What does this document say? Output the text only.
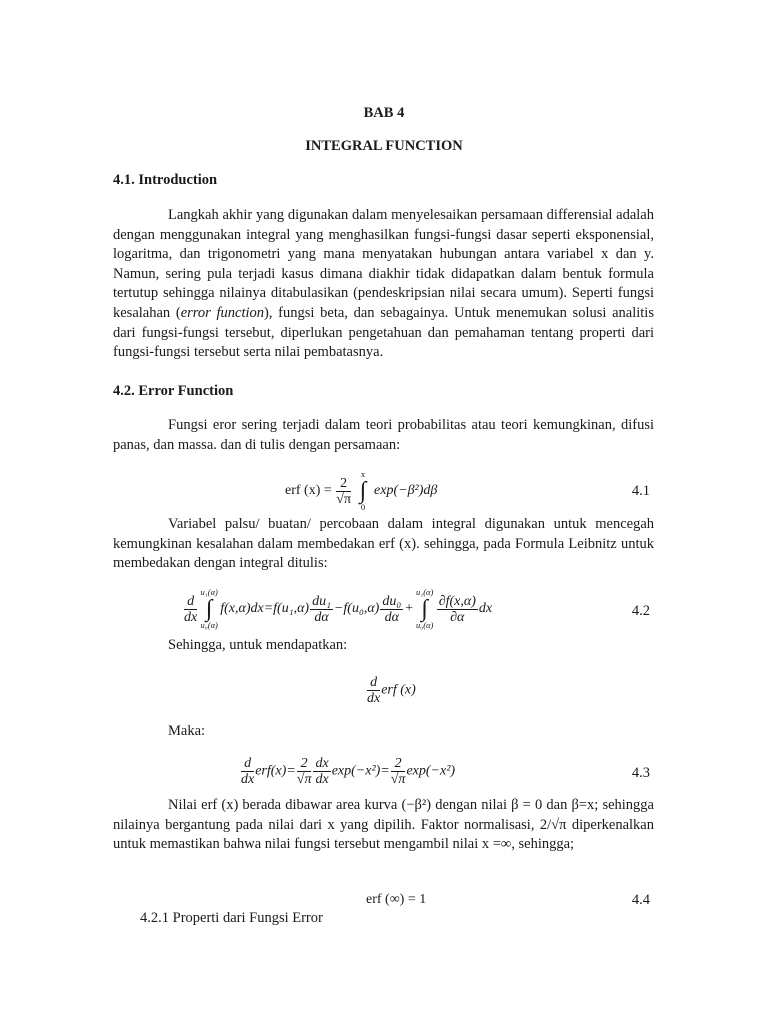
BAB 4
INTEGRAL FUNCTION
4.1. Introduction
Langkah akhir yang digunakan dalam menyelesaikan persamaan differensial adalah dengan menggunakan integral yang menghasilkan fungsi-fungsi dasar seperti eksponensial, logaritma, dan trigonometri yang mana menyatakan hubungan antara variabel x dan y. Namun, sering pula terjadi kasus dimana diakhir tidak didapatkan dalam bentuk formula tertutup sehingga nilainya ditabulasikan (pendeskripsian nilai secara umum). Seperti fungsi kesalahan (error function), fungsi beta, dan sebagainya. Untuk menemukan solusi analitis dari fungsi-fungsi tersebut, diperlukan pengetahuan dan pemahaman tentang properti dari fungsi-fungsi tersebut serta nilai pembatasnya.
4.2. Error Function
Fungsi eror sering terjadi dalam teori probabilitas atau teori kemungkinan, difusi panas, dan massa. dan di tulis dengan persamaan:
erf $(x) = \frac{2}{√\pi}$
x
∫
0
exp(−β²)dβ	4.1
Variabel palsu/ buatan/ percobaan dalam integral digunakan untuk mencegah kemungkinan kesalahan dalam membedakan erf (x). sehingga, pada Formula Leibnitz untuk membedakan dengan integral ditulis:
$\frac{d}{dx}$
u₁(α)
∫
u₀(α)
$f(x,\alpha)dx=f(u_1,\alpha) \frac{\text{du₁}}{d\alpha} -f(u_0,\alpha) \frac{\text{du₀}}{d\alpha}$ +
u₁(α)
∫
u₀(α)
$\frac{\partial f(x,\alpha)}{\partial\alpha}$ dx	4.2
Sehingga, untuk mendapatkan:
$\frac{d}{dx}$ erf (x)
Maka:
$\frac{d}{dx} erf(x)= \frac{2}{√\pi} \frac{dx}{dx} \exp(-x^2)= \frac{2}{√\pi} \exp(-x^2)$	4.3
Nilai erf (x) berada dibawar area kurva (−β²) dengan nilai β = 0 dan β=x; sehingga nilainya bergantung pada nilai dari x yang dipilih. Faktor normalisasi, 2/√π diperkenalkan untuk memastikan bahwa nilai fungsi tersebut mengambil nilai x =∞, sehingga;
erf (∞) = 1	4.4
4.2.1 Properti dari Fungsi Error
